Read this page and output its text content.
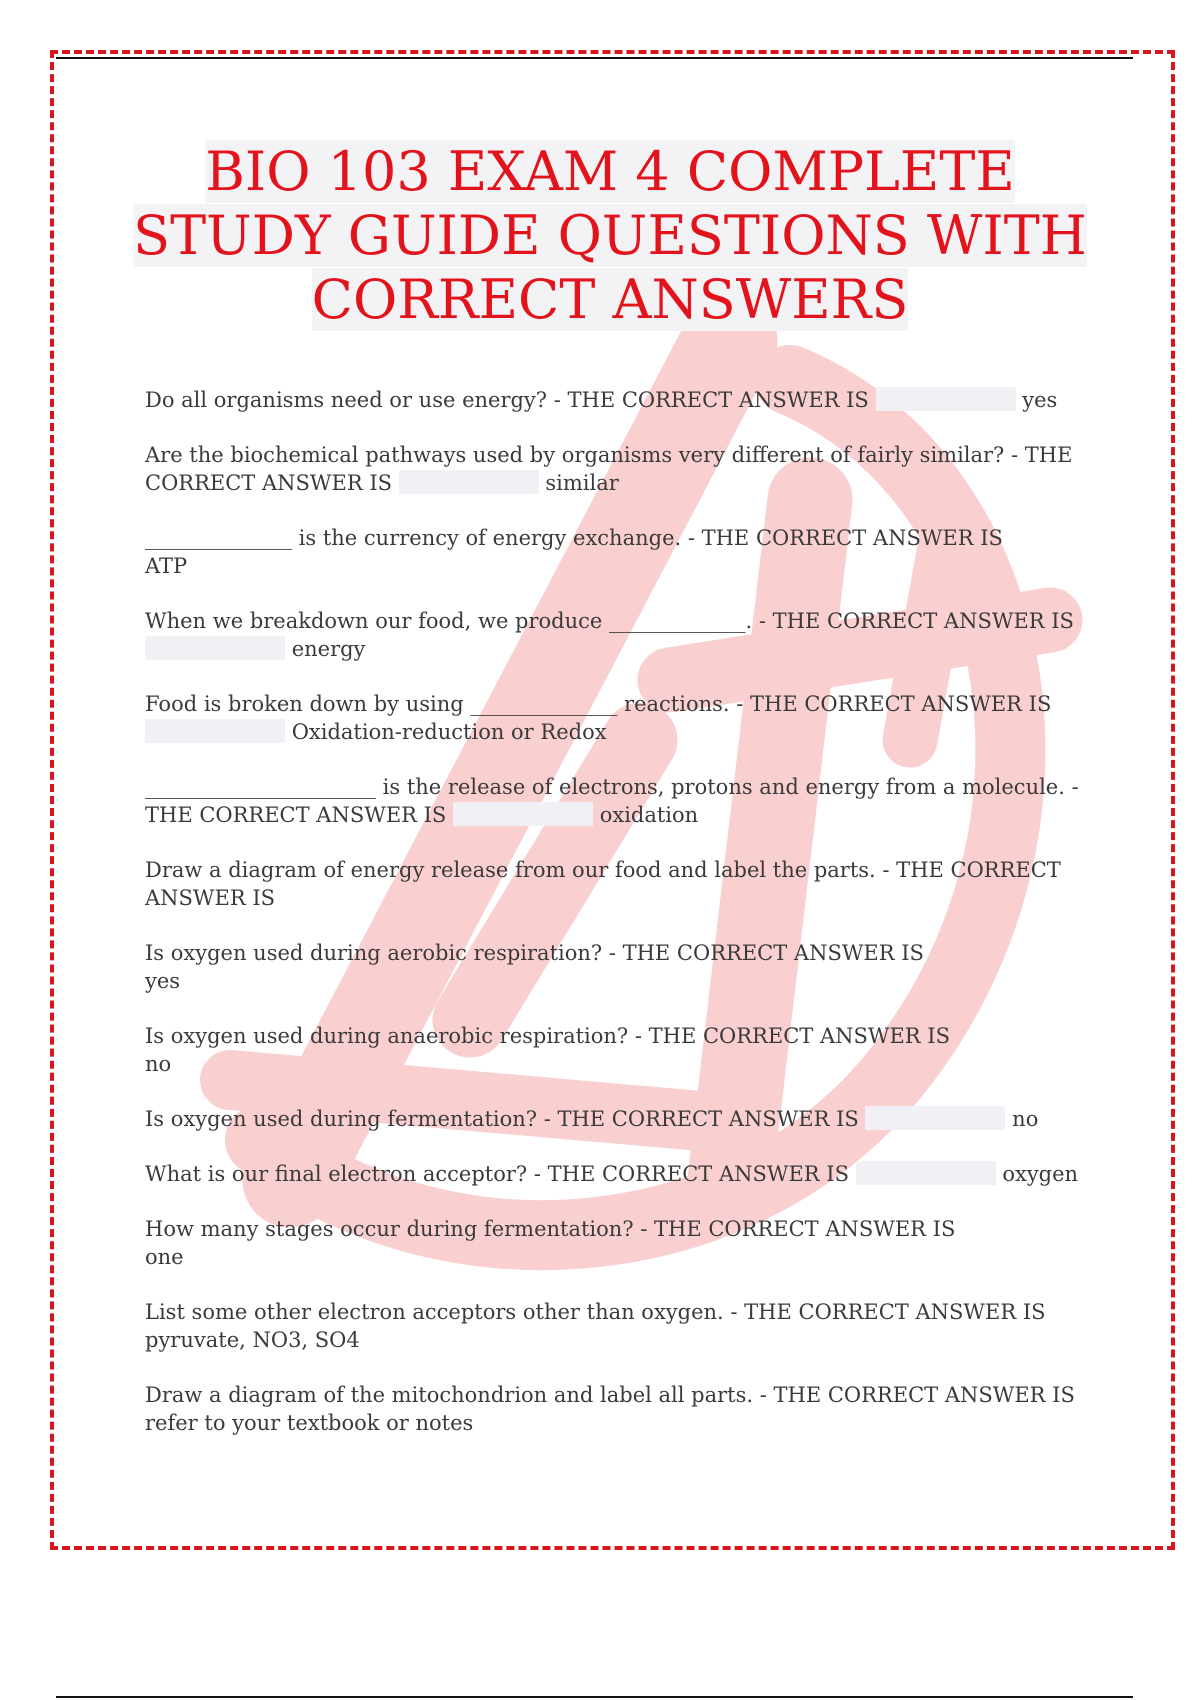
BIO 103 EXAM 4 COMPLETE
STUDY GUIDE QUESTIONS WITH
CORRECT ANSWERS
Do all organisms need or use energy? - THE CORRECT ANSWER IS	yes
Are the biochemical pathways used by organisms very different of fairly similar? - THE CORRECT ANSWER IS	similar
______________ is the currency of energy exchange. - THE CORRECT ANSWER IS
ATP
When we breakdown our food, we produce _____________. - THE CORRECT ANSWER IS  energy
Food is broken down by using ______________ reactions. - THE CORRECT ANSWER IS  Oxidation-reduction or Redox
______________________ is the release of electrons, protons and energy from a molecule. - THE CORRECT ANSWER IS	oxidation
Draw a diagram of energy release from our food and label the parts. - THE CORRECT ANSWER IS
Is oxygen used during aerobic respiration? - THE CORRECT ANSWER IS
yes
Is oxygen used during anaerobic respiration? - THE CORRECT ANSWER IS
no
Is oxygen used during fermentation? - THE CORRECT ANSWER IS	no
What is our final electron acceptor? - THE CORRECT ANSWER IS	oxygen
How many stages occur during fermentation? - THE CORRECT ANSWER IS
one
List some other electron acceptors other than oxygen. - THE CORRECT ANSWER IS
pyruvate, NO3, SO4
Draw a diagram of the mitochondrion and label all parts. - THE CORRECT ANSWER IS
refer to your textbook or notes
